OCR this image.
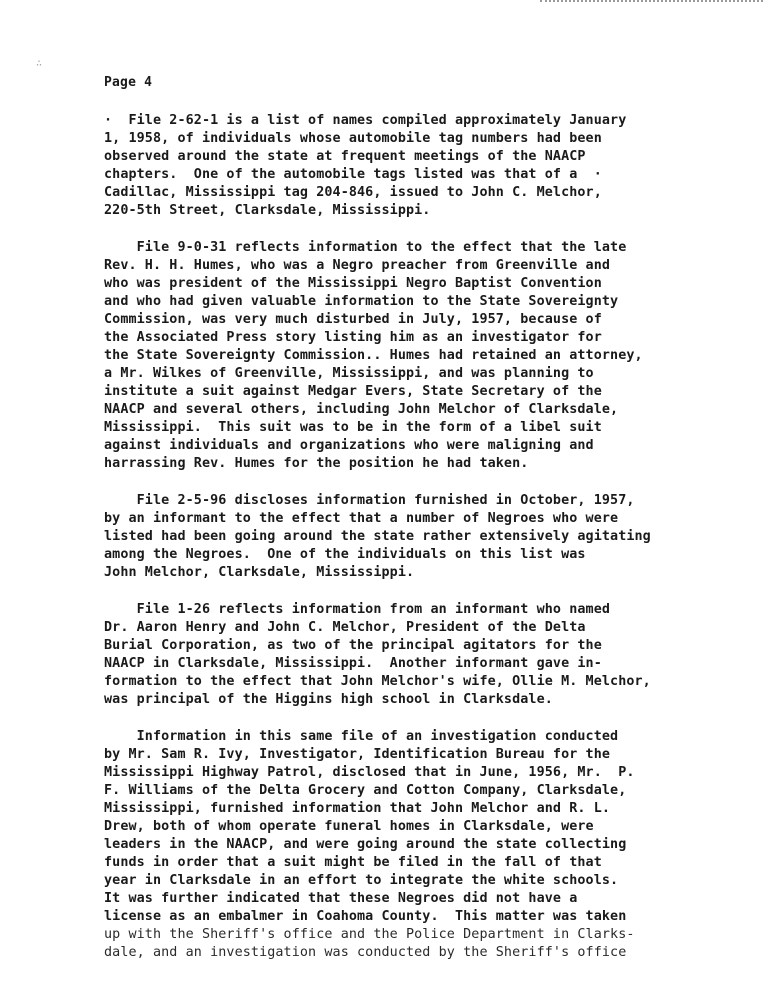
∴
Page 4
·  File 2-62-1 is a list of names compiled approximately January
1, 1958, of individuals whose automobile tag numbers had been
observed around the state at frequent meetings of the NAACP
chapters.  One of the automobile tags listed was that of a  ·
Cadillac, Mississippi tag 204-846, issued to John C. Melchor,
220-5th Street, Clarksdale, Mississippi.
File 9-0-31 reflects information to the effect that the late
Rev. H. H. Humes, who was a Negro preacher from Greenville and
who was president of the Mississippi Negro Baptist Convention
and who had given valuable information to the State Sovereignty
Commission, was very much disturbed in July, 1957, because of
the Associated Press story listing him as an investigator for
the State Sovereignty Commission.. Humes had retained an attorney,
a Mr. Wilkes of Greenville, Mississippi, and was planning to
institute a suit against Medgar Evers, State Secretary of the
NAACP and several others, including John Melchor of Clarksdale,
Mississippi.  This suit was to be in the form of a libel suit
against individuals and organizations who were maligning and
harrassing Rev. Humes for the position he had taken.
File 2-5-96 discloses information furnished in October, 1957,
by an informant to the effect that a number of Negroes who were
listed had been going around the state rather extensively agitating
among the Negroes.  One of the individuals on this list was
John Melchor, Clarksdale, Mississippi.
File 1-26 reflects information from an informant who named
Dr. Aaron Henry and John C. Melchor, President of the Delta
Burial Corporation, as two of the principal agitators for the
NAACP in Clarksdale, Mississippi.  Another informant gave in-
formation to the effect that John Melchor's wife, Ollie M. Melchor,
was principal of the Higgins high school in Clarksdale.
Information in this same file of an investigation conducted
by Mr. Sam R. Ivy, Investigator, Identification Bureau for the
Mississippi Highway Patrol, disclosed that in June, 1956, Mr.  P.
F. Williams of the Delta Grocery and Cotton Company, Clarksdale,
Mississippi, furnished information that John Melchor and R. L.
Drew, both of whom operate funeral homes in Clarksdale, were
leaders in the NAACP, and were going around the state collecting
funds in order that a suit might be filed in the fall of that
year in Clarksdale in an effort to integrate the white schools.
It was further indicated that these Negroes did not have a
license as an embalmer in Coahoma County.  This matter was taken
up with the Sheriff's office and the Police Department in Clarks-
dale, and an investigation was conducted by the Sheriff's office
